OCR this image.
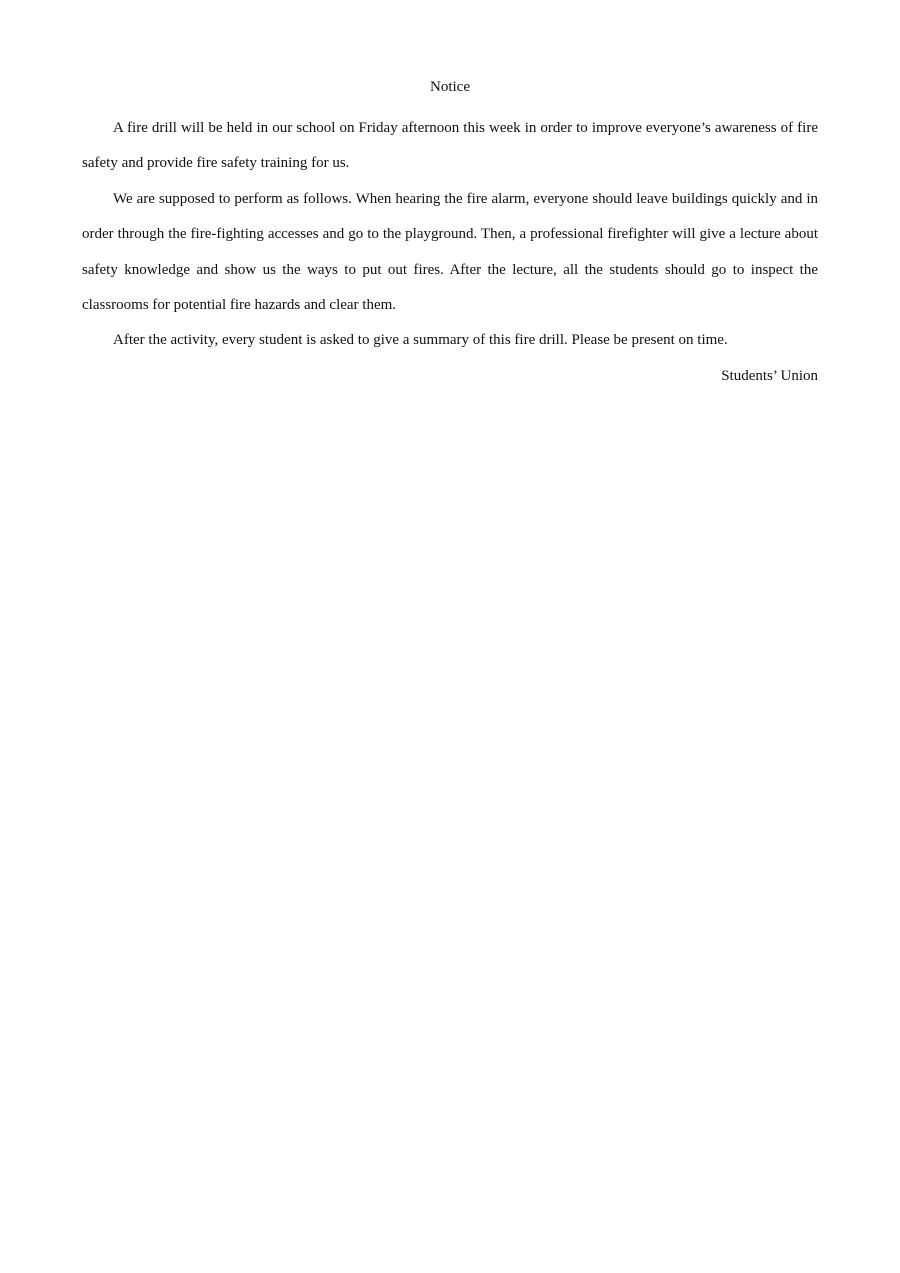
Notice

A fire drill will be held in our school on Friday afternoon this week in order to improve everyone’s awareness of fire safety and provide fire safety training for us.

We are supposed to perform as follows. When hearing the fire alarm, everyone should leave buildings quickly and in order through the fire-fighting accesses and go to the playground. Then, a professional firefighter will give a lecture about safety knowledge and show us the ways to put out fires. After the lecture, all the students should go to inspect the classrooms for potential fire hazards and clear them.

After the activity, every student is asked to give a summary of this fire drill. Please be present on time.

Students’ Union
